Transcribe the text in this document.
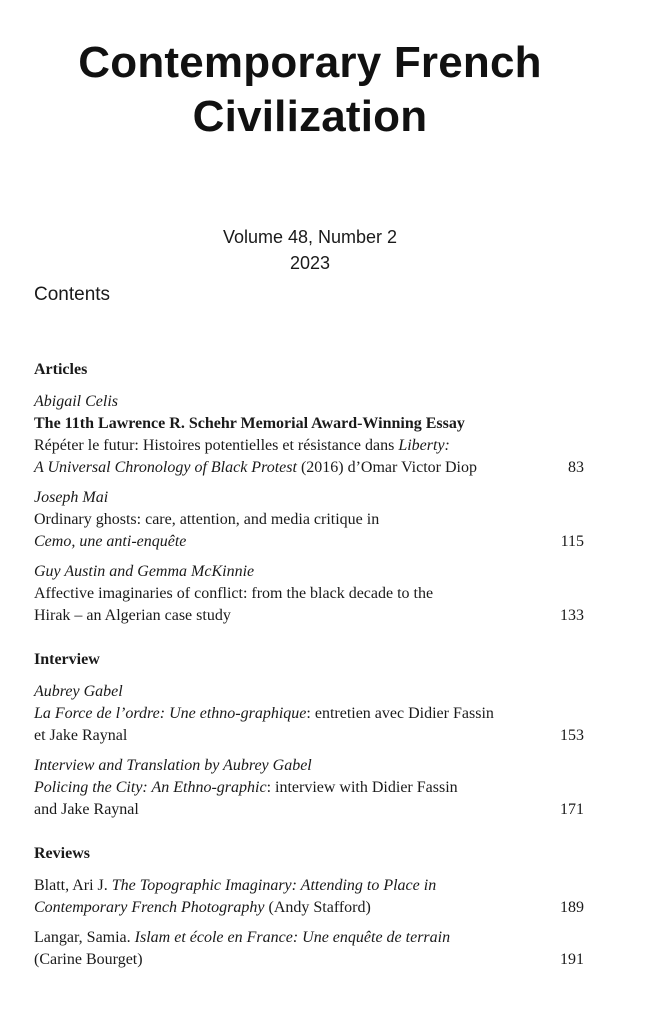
Contemporary French
Civilization
Volume 48, Number 2
2023
Contents
Articles
Abigail Celis
The 11th Lawrence R. Schehr Memorial Award-Winning Essay
Répéter le futur: Histoires potentielles et résistance dans Liberty:
A Universal Chronology of Black Protest (2016) d’Omar Victor Diop	83
Joseph Mai
Ordinary ghosts: care, attention, and media critique in
Cemo, une anti-enquête	115
Guy Austin and Gemma McKinnie
Affective imaginaries of conflict: from the black decade to the
Hirak – an Algerian case study	133
Interview
Aubrey Gabel
La Force de l’ordre: Une ethno-graphique: entretien avec Didier Fassin
et Jake Raynal	153
Interview and Translation by Aubrey Gabel
Policing the City: An Ethno-graphic: interview with Didier Fassin
and Jake Raynal	171
Reviews
Blatt, Ari J. The Topographic Imaginary: Attending to Place in
Contemporary French Photography (Andy Stafford)	189
Langar, Samia. Islam et école en France: Une enquête de terrain
(Carine Bourget)	191
